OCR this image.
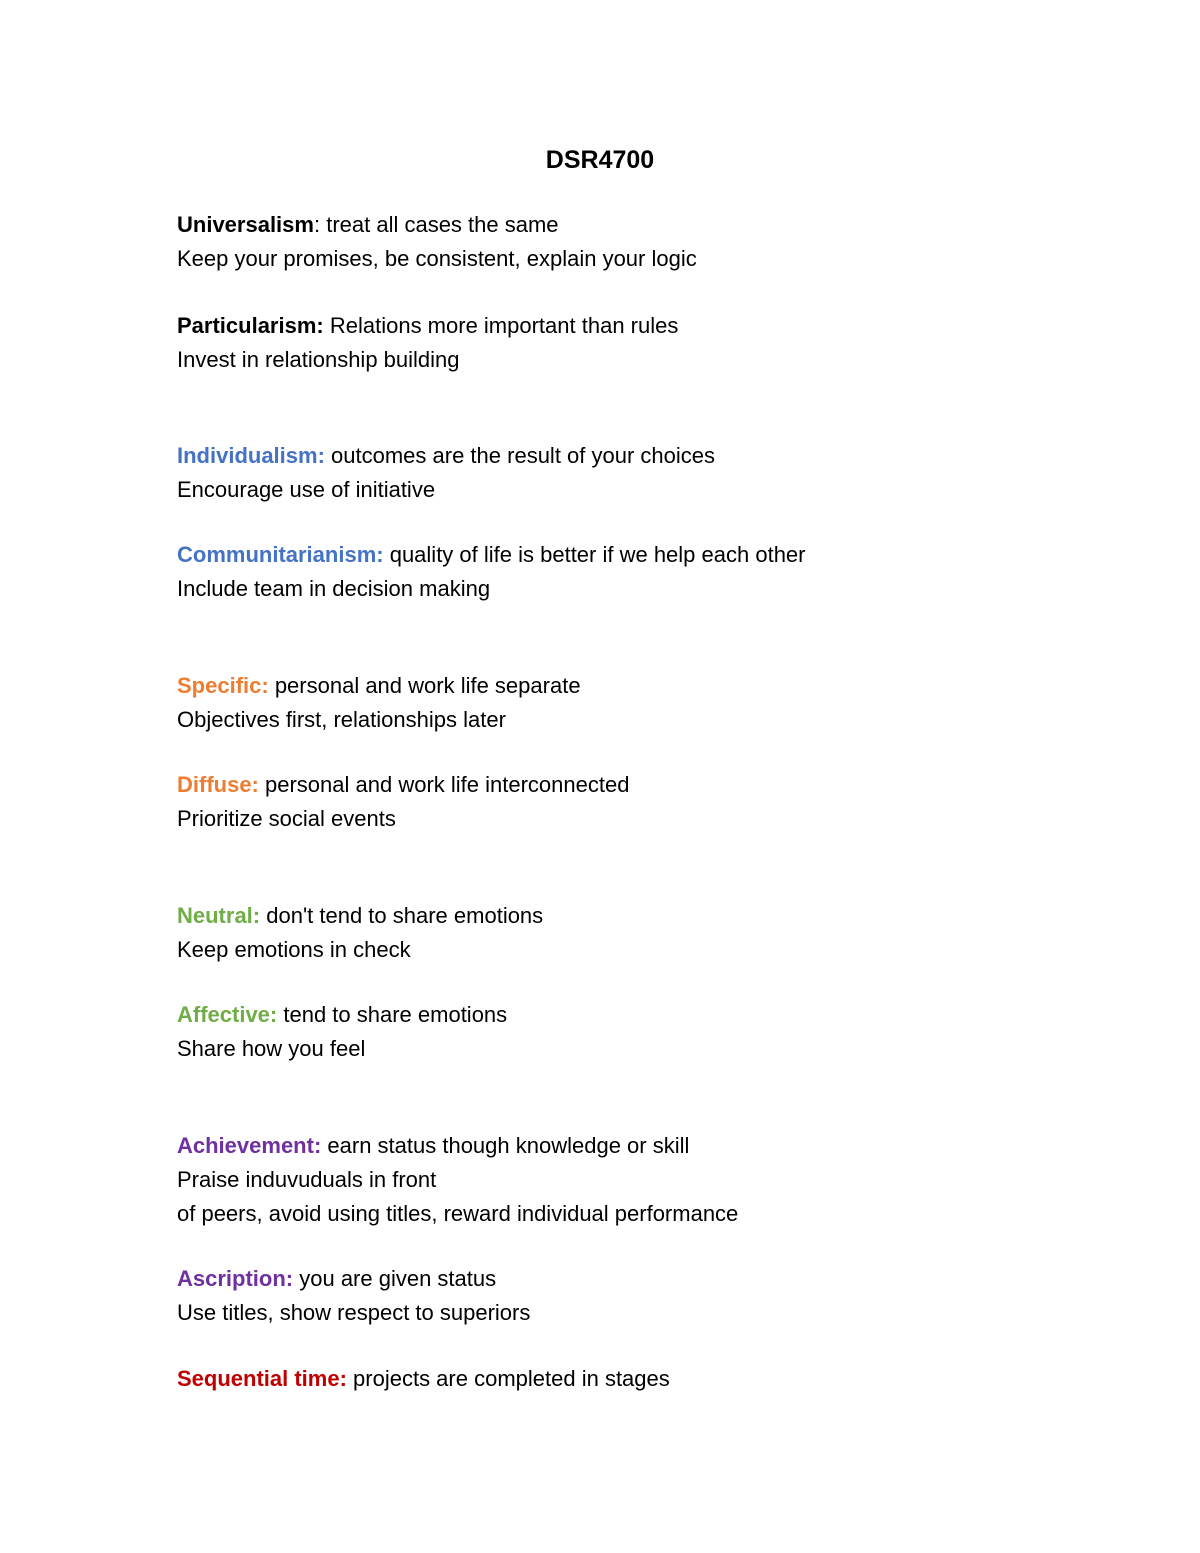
DSR4700
Universalism: treat all cases the same
Keep your promises, be consistent, explain your logic
Particularism: Relations more important than rules
Invest in relationship building
Individualism: outcomes are the result of your choices
Encourage use of initiative
Communitarianism: quality of life is better if we help each other
Include team in decision making
Specific: personal and work life separate
Objectives first, relationships later
Diffuse: personal and work life interconnected
Prioritize social events
Neutral: don't tend to share emotions
Keep emotions in check
Affective: tend to share emotions
Share how you feel
Achievement: earn status though knowledge or skill
Praise induvuduals in front
of peers, avoid using titles, reward individual performance
Ascription: you are given status
Use titles, show respect to superiors
Sequential time: projects are completed in stages
